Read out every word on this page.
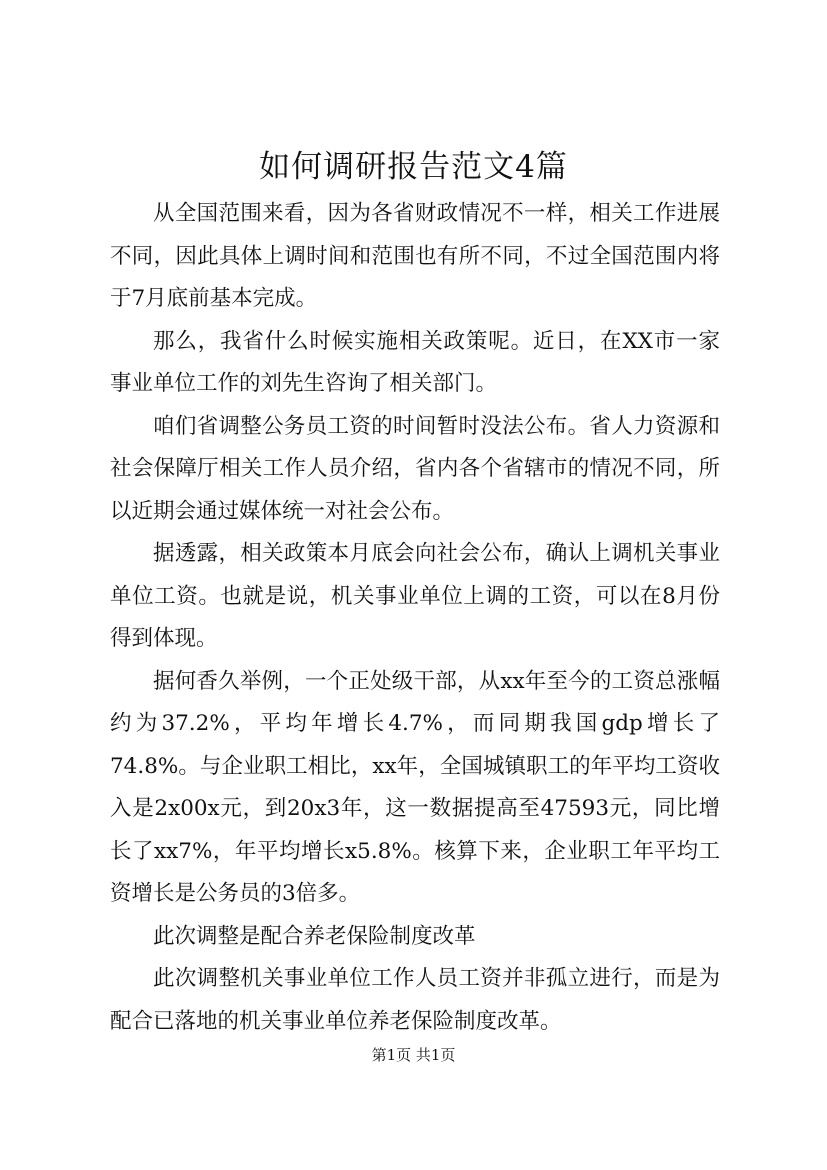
如何调研报告范文4篇

从全国范围来看，因为各省财政情况不一样，相关工作进展不同，因此具体上调时间和范围也有所不同，不过全国范围内将于7月底前基本完成。

那么，我省什么时候实施相关政策呢。近日，在XX市一家事业单位工作的刘先生咨询了相关部门。

咱们省调整公务员工资的时间暂时没法公布。省人力资源和社会保障厅相关工作人员介绍，省内各个省辖市的情况不同，所以近期会通过媒体统一对社会公布。

据透露，相关政策本月底会向社会公布，确认上调机关事业单位工资。也就是说，机关事业单位上调的工资，可以在8月份得到体现。

据何香久举例，一个正处级干部，从xx年至今的工资总涨幅约为37.2%，平均年增长4.7%，而同期我国gdp增长了74.8%。与企业职工相比，xx年，全国城镇职工的年平均工资收入是2x00x元，到20x3年，这一数据提高至47593元，同比增长了xx7%，年平均增长x5.8%。核算下来，企业职工年平均工资增长是公务员的3倍多。

此次调整是配合养老保险制度改革

此次调整机关事业单位工作人员工资并非孤立进行，而是为配合已落地的机关事业单位养老保险制度改革。

第1页 共1页
